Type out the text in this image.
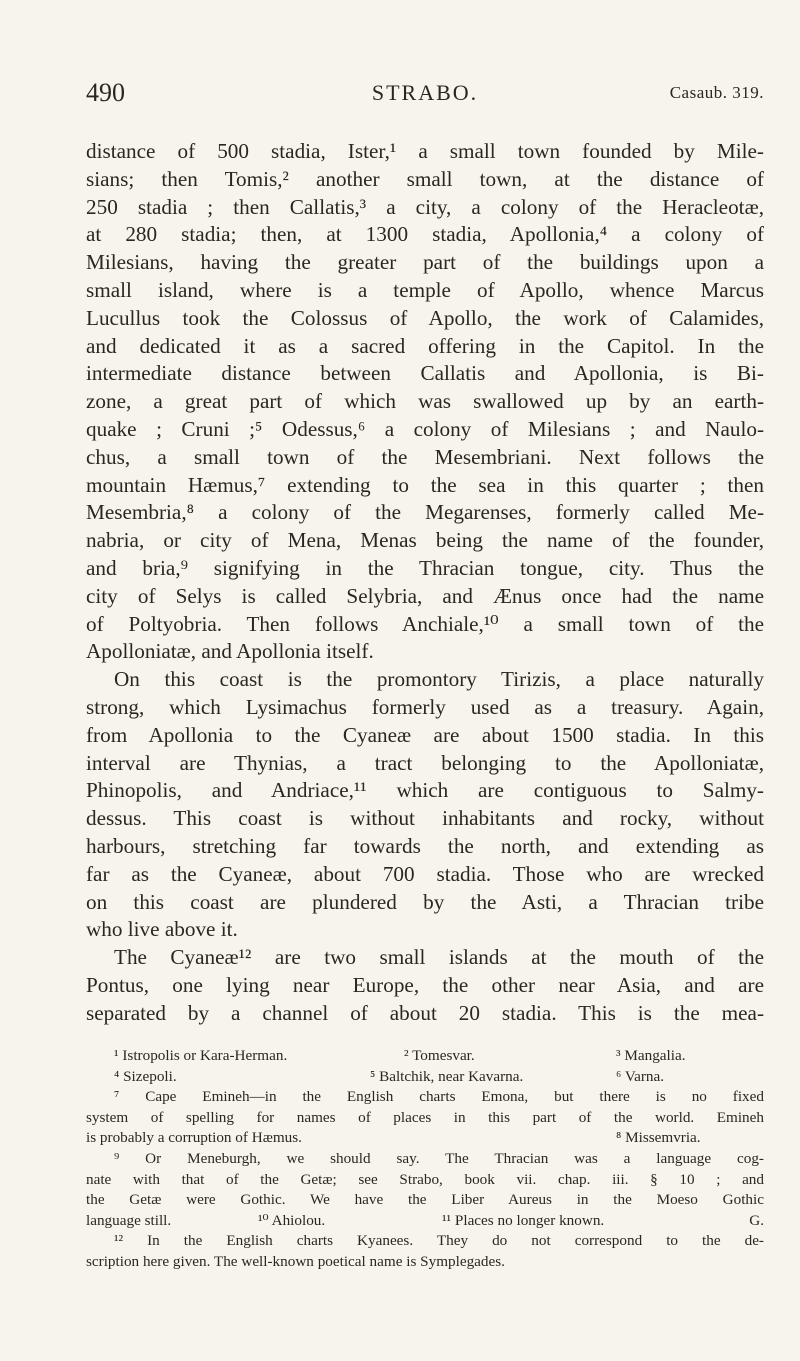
490	STRABO.	Casaub. 319.
distance of 500 stadia, Ister,¹ a small town founded by Mile-
sians; then Tomis,² another small town, at the distance of
250 stadia ; then Callatis,³ a city, a colony of the Heracleotæ,
at 280 stadia; then, at 1300 stadia, Apollonia,⁴ a colony of
Milesians, having the greater part of the buildings upon a
small island, where is a temple of Apollo, whence Marcus
Lucullus took the Colossus of Apollo, the work of Calamides,
and dedicated it as a sacred offering in the Capitol. In the
intermediate distance between Callatis and Apollonia, is Bi-
zone, a great part of which was swallowed up by an earth-
quake ; Cruni ;⁵ Odessus,⁶ a colony of Milesians ; and Naulo-
chus, a small town of the Mesembriani. Next follows the
mountain Hæmus,⁷ extending to the sea in this quarter ; then
Mesembria,⁸ a colony of the Megarenses, formerly called Me-
nabria, or city of Mena, Menas being the name of the founder,
and bria,⁹ signifying in the Thracian tongue, city. Thus the
city of Selys is called Selybria, and Ænus once had the name
of Poltyobria. Then follows Anchiale,¹⁰ a small town of the
Apolloniatæ, and Apollonia itself.
On this coast is the promontory Tirizis, a place naturally
strong, which Lysimachus formerly used as a treasury. Again,
from Apollonia to the Cyaneæ are about 1500 stadia. In this
interval are Thynias, a tract belonging to the Apolloniatæ,
Phinopolis, and Andriace,¹¹ which are contiguous to Salmy-
dessus. This coast is without inhabitants and rocky, without
harbours, stretching far towards the north, and extending as
far as the Cyaneæ, about 700 stadia. Those who are wrecked
on this coast are plundered by the Asti, a Thracian tribe
who live above it.
The Cyaneæ¹² are two small islands at the mouth of the
Pontus, one lying near Europe, the other near Asia, and are
separated by a channel of about 20 stadia. This is the mea-
¹ Istropolis or Kara-Herman.	² Tomesvar.	³ Mangalia.
⁴ Sizepoli.	⁵ Baltchik, near Kavarna.	⁶ Varna.
⁷ Cape Emineh—in the English charts Emona, but there is no fixed
system of spelling for names of places in this part of the world. Emineh
is probably a corruption of Hæmus.	⁸ Missemvria.
⁹ Or Meneburgh, we should say. The Thracian was a language cog-
nate with that of the Getæ; see Strabo, book vii. chap. iii. § 10 ; and
the Getæ were Gothic. We have the Liber Aureus in the Moeso Gothic
language still.	¹⁰ Ahiolou.	¹¹ Places no longer known.	G.
¹² In the English charts Kyanees. They do not correspond to the de-
scription here given. The well-known poetical name is Symplegades.
